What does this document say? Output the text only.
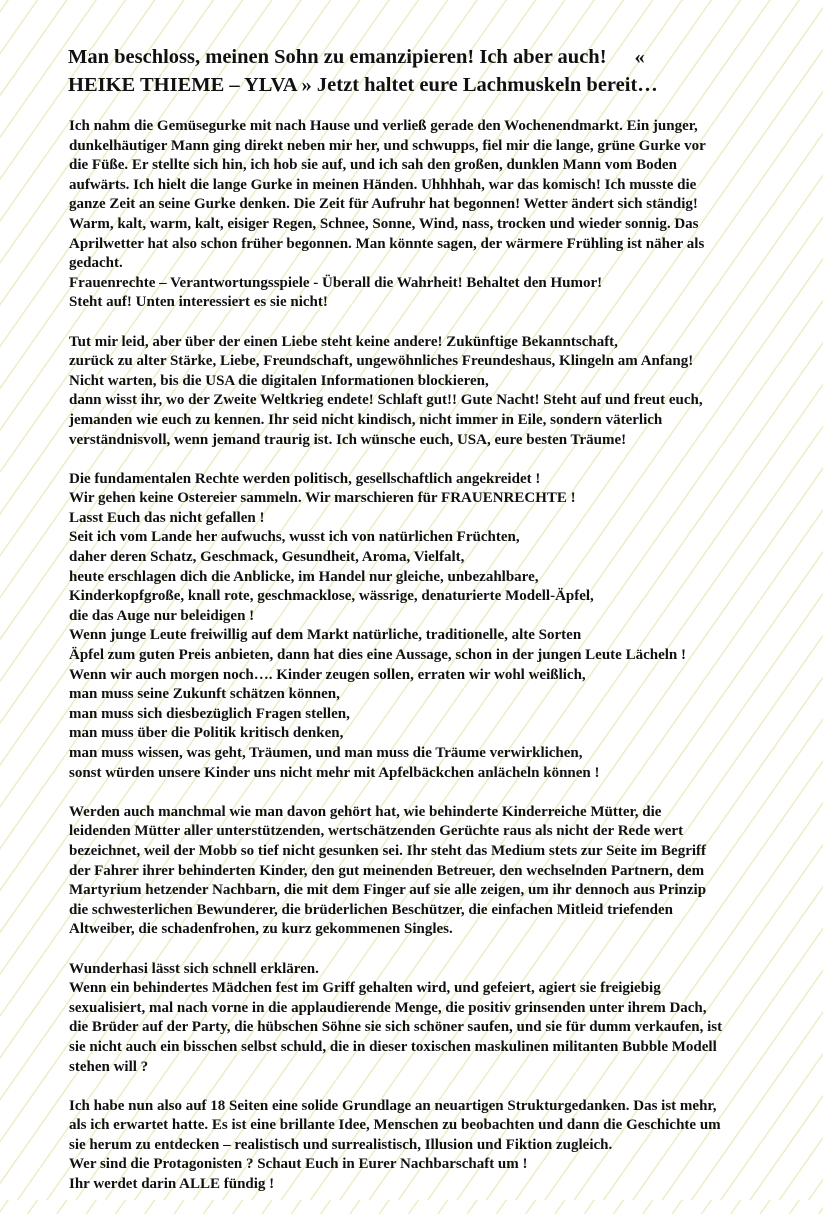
Man beschloss, meinen Sohn zu emanzipieren! Ich aber auch! «
HEIKE THIEME – YLVA » Jetzt haltet eure Lachmuskeln bereit…
Ich nahm die Gemüsegurke mit nach Hause und verließ gerade den Wochenendmarkt. Ein junger,
dunkelhäutiger Mann ging direkt neben mir her, und schwupps, fiel mir die lange, grüne Gurke vor
die Füße. Er stellte sich hin, ich hob sie auf, und ich sah den großen, dunklen Mann vom Boden
aufwärts. Ich hielt die lange Gurke in meinen Händen. Uhhhhah, war das komisch! Ich musste die
ganze Zeit an seine Gurke denken. Die Zeit für Aufruhr hat begonnen! Wetter ändert sich ständig!
Warm, kalt, warm, kalt, eisiger Regen, Schnee, Sonne, Wind, nass, trocken und wieder sonnig. Das
Aprilwetter hat also schon früher begonnen. Man könnte sagen, der wärmere Frühling ist näher als
gedacht.
Frauenrechte – Verantwortungsspiele - Überall die Wahrheit! Behaltet den Humor!
Steht auf! Unten interessiert es sie nicht!
Tut mir leid, aber über der einen Liebe steht keine andere! Zukünftige Bekanntschaft,
zurück zu alter Stärke, Liebe, Freundschaft, ungewöhnliches Freundeshaus, Klingeln am Anfang!
Nicht warten, bis die USA die digitalen Informationen blockieren,
dann wisst ihr, wo der Zweite Weltkrieg endete! Schlaft gut!! Gute Nacht! Steht auf und freut euch,
jemanden wie euch zu kennen. Ihr seid nicht kindisch, nicht immer in Eile, sondern väterlich
verständnisvoll, wenn jemand traurig ist. Ich wünsche euch, USA, eure besten Träume!
Die fundamentalen Rechte werden politisch, gesellschaftlich angekreidet !
Wir gehen keine Ostereier sammeln. Wir marschieren für FRAUENRECHTE !
Lasst Euch das nicht gefallen !
Seit ich vom Lande her aufwuchs, wusst ich von natürlichen Früchten,
daher deren Schatz, Geschmack, Gesundheit, Aroma, Vielfalt,
heute erschlagen dich die Anblicke, im Handel nur gleiche, unbezahlbare,
Kinderkopfgroße, knall rote, geschmacklose, wässrige, denaturierte Modell-Äpfel,
die das Auge nur beleidigen !
Wenn junge Leute freiwillig auf dem Markt natürliche, traditionelle, alte Sorten
Äpfel zum guten Preis anbieten, dann hat dies eine Aussage, schon in der jungen Leute Lächeln !
Wenn wir auch morgen noch…. Kinder zeugen sollen, erraten wir wohl weißlich,
man muss seine Zukunft schätzen können,
man muss sich diesbezüglich Fragen stellen,
man muss über die Politik kritisch denken,
man muss wissen, was geht, Träumen, und man muss die Träume verwirklichen,
sonst würden unsere Kinder uns nicht mehr mit Apfelbäckchen anlächeln können !
Werden auch manchmal wie man davon gehört hat, wie behinderte Kinderreiche Mütter, die
leidenden Mütter aller unterstützenden, wertschätzenden Gerüchte raus als nicht der Rede wert
bezeichnet, weil der Mobb so tief nicht gesunken sei. Ihr steht das Medium stets zur Seite im Begriff
der Fahrer ihrer behinderten Kinder, den gut meinenden Betreuer, den wechselnden Partnern, dem
Martyrium hetzender Nachbarn, die mit dem Finger auf sie alle zeigen, um ihr dennoch aus Prinzip
die schwesterlichen Bewunderer, die brüderlichen Beschützer, die einfachen Mitleid triefenden
Altweiber, die schadenfrohen, zu kurz gekommenen Singles.
Wunderhasi lässt sich schnell erklären.
Wenn ein behindertes Mädchen fest im Griff gehalten wird, und gefeiert, agiert sie freigiebig
sexualisiert, mal nach vorne in die applaudierende Menge, die positiv grinsenden unter ihrem Dach,
die Brüder auf der Party, die hübschen Söhne sie sich schöner saufen, und sie für dumm verkaufen, ist
sie nicht auch ein bisschen selbst schuld, die in dieser toxischen maskulinen militanten Bubble Modell
stehen will ?
Ich habe nun also auf 18 Seiten eine solide Grundlage an neuartigen Strukturgedanken. Das ist mehr,
als ich erwartet hatte. Es ist eine brillante Idee, Menschen zu beobachten und dann die Geschichte um
sie herum zu entdecken – realistisch und surrealistisch, Illusion und Fiktion zugleich.
Wer sind die Protagonisten ? Schaut Euch in Eurer Nachbarschaft um !
Ihr werdet darin ALLE fündig !
